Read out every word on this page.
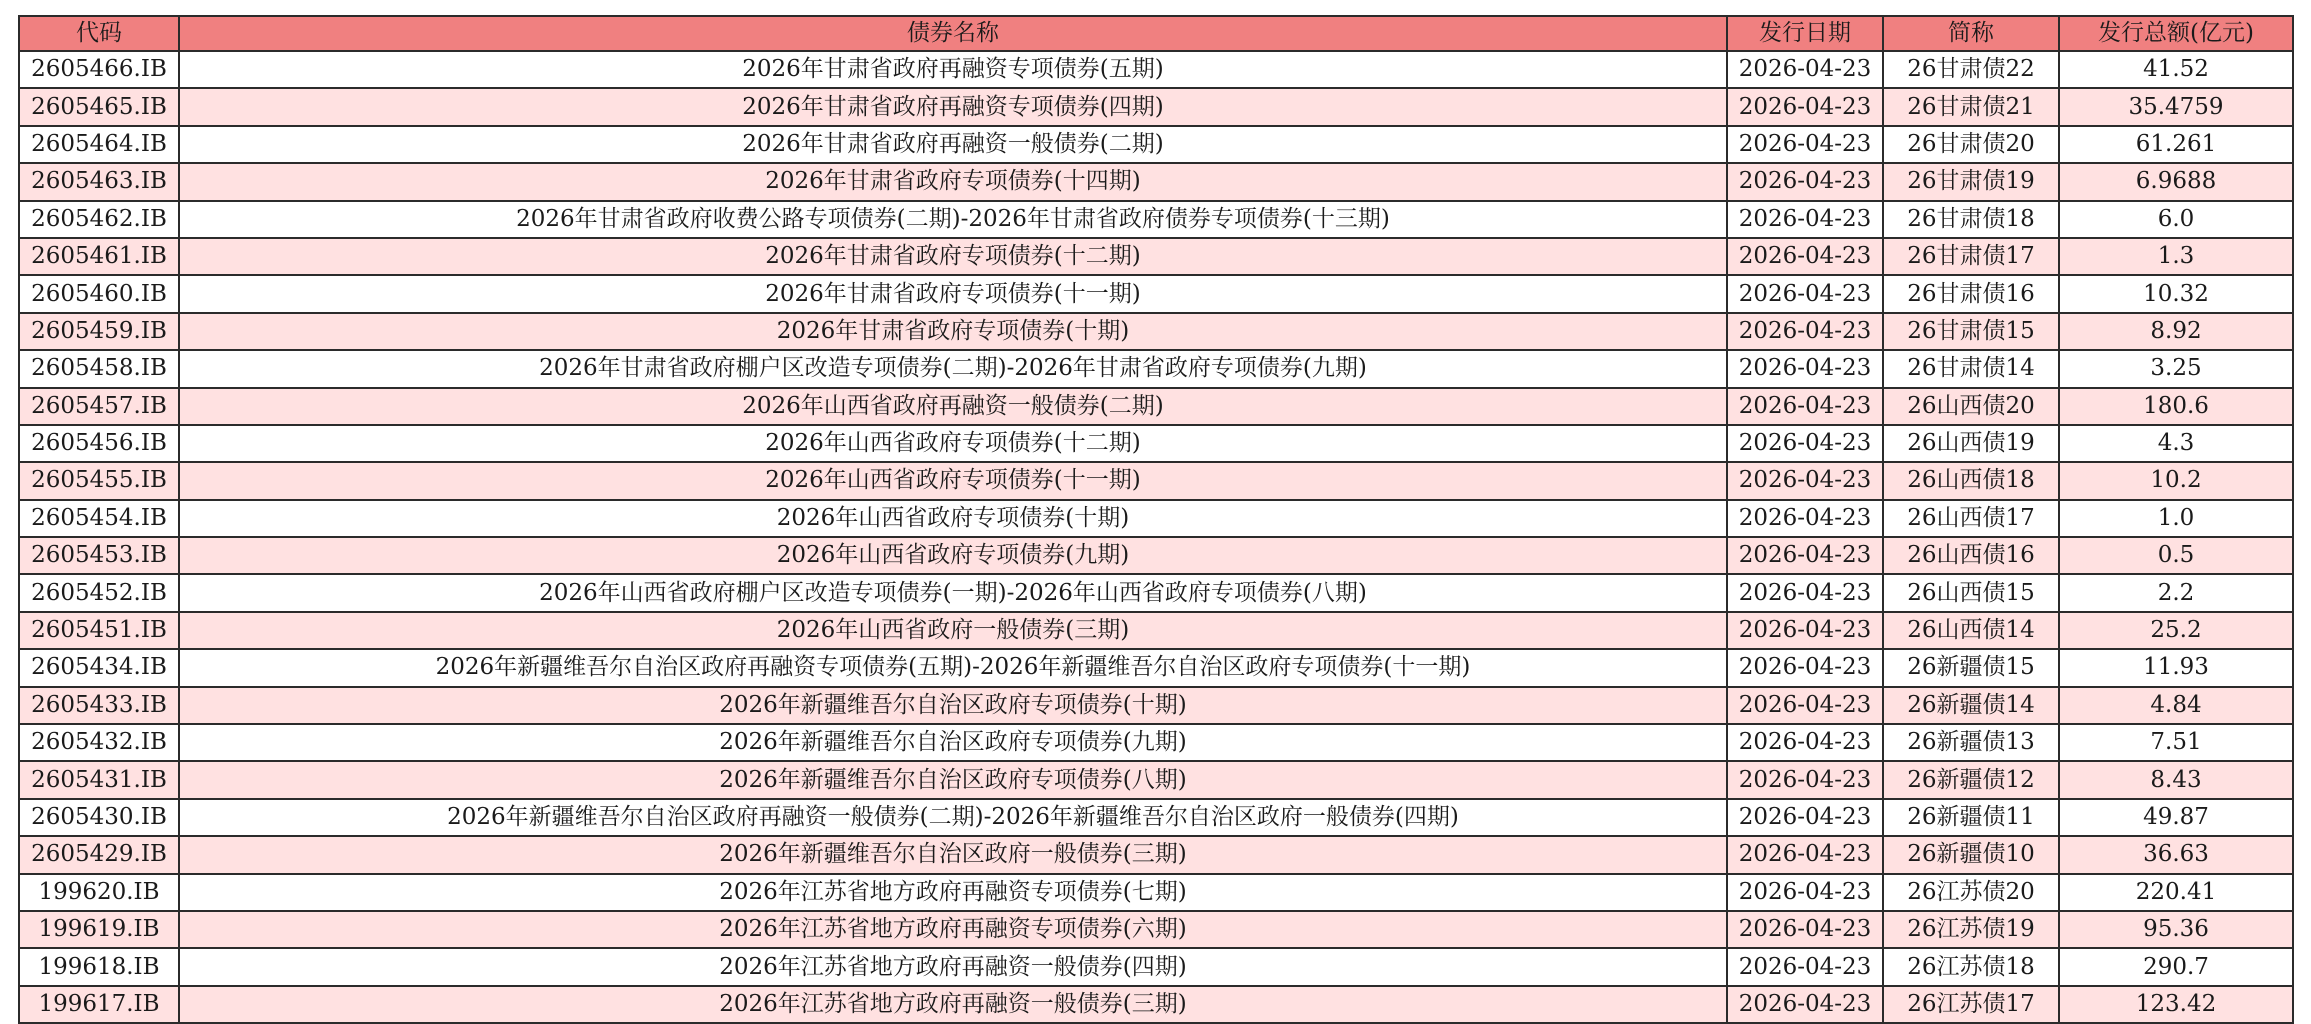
代码	债券名称	发行日期	简称	发行总额(亿元)
2605466.IB	2026年甘肃省政府再融资专项债券(五期)	2026-04-23	26甘肃债22	41.52
2605465.IB	2026年甘肃省政府再融资专项债券(四期)	2026-04-23	26甘肃债21	35.4759
2605464.IB	2026年甘肃省政府再融资一般债券(二期)	2026-04-23	26甘肃债20	61.261
2605463.IB	2026年甘肃省政府专项债券(十四期)	2026-04-23	26甘肃债19	6.9688
2605462.IB	2026年甘肃省政府收费公路专项债券(二期)-2026年甘肃省政府债券专项债券(十三期)	2026-04-23	26甘肃债18	6.0
2605461.IB	2026年甘肃省政府专项债券(十二期)	2026-04-23	26甘肃债17	1.3
2605460.IB	2026年甘肃省政府专项债券(十一期)	2026-04-23	26甘肃债16	10.32
2605459.IB	2026年甘肃省政府专项债券(十期)	2026-04-23	26甘肃债15	8.92
2605458.IB	2026年甘肃省政府棚户区改造专项债券(二期)-2026年甘肃省政府专项债券(九期)	2026-04-23	26甘肃债14	3.25
2605457.IB	2026年山西省政府再融资一般债券(二期)	2026-04-23	26山西债20	180.6
2605456.IB	2026年山西省政府专项债券(十二期)	2026-04-23	26山西债19	4.3
2605455.IB	2026年山西省政府专项债券(十一期)	2026-04-23	26山西债18	10.2
2605454.IB	2026年山西省政府专项债券(十期)	2026-04-23	26山西债17	1.0
2605453.IB	2026年山西省政府专项债券(九期)	2026-04-23	26山西债16	0.5
2605452.IB	2026年山西省政府棚户区改造专项债券(一期)-2026年山西省政府专项债券(八期)	2026-04-23	26山西债15	2.2
2605451.IB	2026年山西省政府一般债券(三期)	2026-04-23	26山西债14	25.2
2605434.IB	2026年新疆维吾尔自治区政府再融资专项债券(五期)-2026年新疆维吾尔自治区政府专项债券(十一期)	2026-04-23	26新疆债15	11.93
2605433.IB	2026年新疆维吾尔自治区政府专项债券(十期)	2026-04-23	26新疆债14	4.84
2605432.IB	2026年新疆维吾尔自治区政府专项债券(九期)	2026-04-23	26新疆债13	7.51
2605431.IB	2026年新疆维吾尔自治区政府专项债券(八期)	2026-04-23	26新疆债12	8.43
2605430.IB	2026年新疆维吾尔自治区政府再融资一般债券(二期)-2026年新疆维吾尔自治区政府一般债券(四期)	2026-04-23	26新疆债11	49.87
2605429.IB	2026年新疆维吾尔自治区政府一般债券(三期)	2026-04-23	26新疆债10	36.63
199620.IB	2026年江苏省地方政府再融资专项债券(七期)	2026-04-23	26江苏债20	220.41
199619.IB	2026年江苏省地方政府再融资专项债券(六期)	2026-04-23	26江苏债19	95.36
199618.IB	2026年江苏省地方政府再融资一般债券(四期)	2026-04-23	26江苏债18	290.7
199617.IB	2026年江苏省地方政府再融资一般债券(三期)	2026-04-23	26江苏债17	123.42
